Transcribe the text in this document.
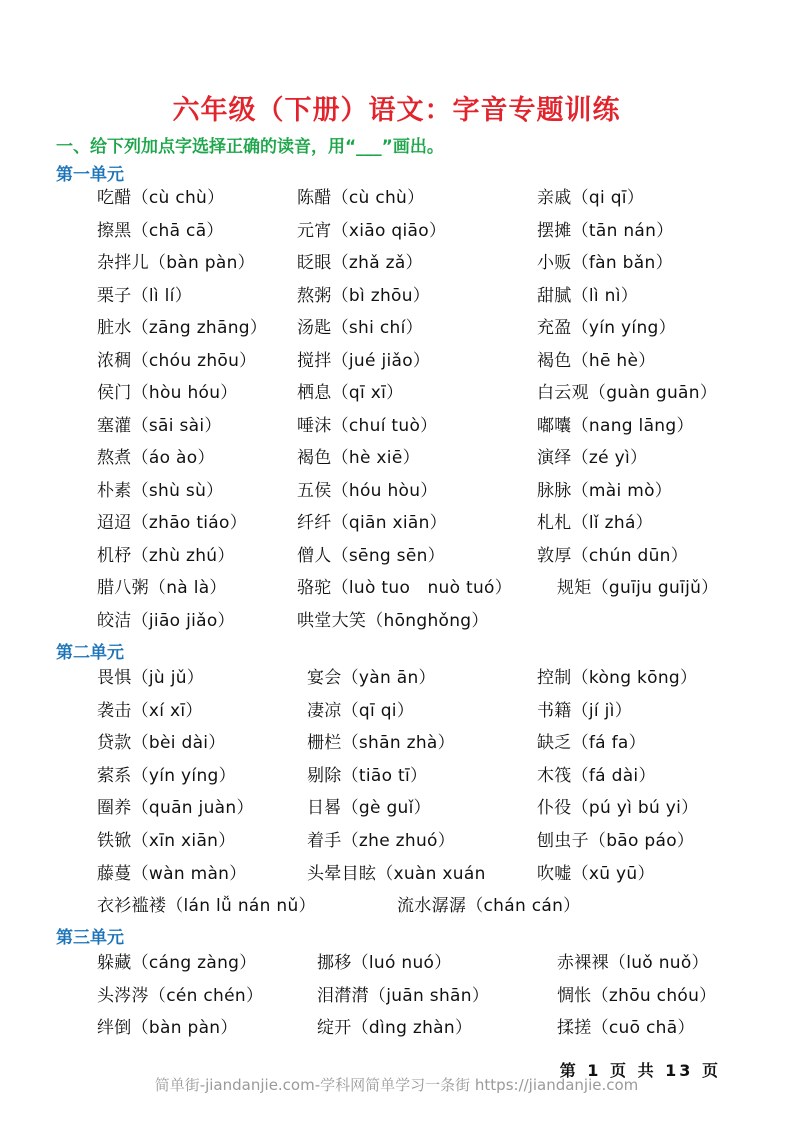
六年级（下册）语文：字音专题训练
一、给下列加点字选择正确的读音，用“___”画出。
第一单元
吃醋（cù chù）	陈醋（cù chù）	亲戚（qi qī）
擦黑（chā cā）	元宵（xiāo qiāo）	摆摊（tān nán）
杂拌儿（bàn pàn） 眨眼（zhǎ zǎ）	小贩（fàn bǎn）
栗子（lì lí）	熬粥（bì zhōu）	甜腻（lì nì）
脏水（zāng zhāng） 汤匙（shi chí）	充盈（yín yíng）
浓稠（chóu zhōu） 搅拌（jué jiǎo）	褐色（hē hè）
侯门（hòu hóu）	栖息（qī xī）	白云观（guàn guān）
塞灌（sāi sài）	唾沫（chuí tuò）	嘟囔（nang lāng）
熬煮（áo ào）	褐色（hè xiē）	演绎（zé yì）
朴素（shù sù）	五侯（hóu hòu）	脉脉（mài mò）
迢迢（zhāo tiáo）	纤纤（qiān xiān）	札札（lǐ zhá）
机杼（zhù zhú）	僧人（sēng sēn）	敦厚（chún dūn）
腊八粥（nà là）	骆驼（luò tuo　nuò tuó）	规矩（guīju guījǔ）
皎洁（jiāo jiǎo）	哄堂大笑（hōnghǒng）
第二单元
畏惧（jù jǔ）	宴会（yàn ān）	控制（kòng kōng）
袭击（xí xī）	凄凉（qī qi）	书籍（jí jì）
贷款（bèi dài）	栅栏（shān zhà）	缺乏（fá fa）
萦系（yín yíng）	剔除（tiāo tī）	木筏（fá dài）
圈养（quān juàn）	日晷（gè guǐ）	仆役（pú yì bú yi）
铁锨（xīn xiān）	着手（zhe zhuó）	刨虫子（bāo páo）
藤蔓（wàn màn）	头晕目眩（xuàn xuán	吹嘘（xū yū）
衣衫褴褛（lán lǚ nán nǔ）	流水潺潺（chán cán）
第三单元
躲藏（cáng zàng）	挪移（luó nuó）	赤裸裸（luǒ nuǒ）
头涔涔（cén chén）	泪潸潸（juān shān）	惆怅（zhōu chóu）
绊倒（bàn pàn）	绽开（dìng zhàn）	揉搓（cuō chā）
第 1 页 共 13 页
简单街-jiandanjie.com-学科网简单学习一条街 https://jiandanjie.com
